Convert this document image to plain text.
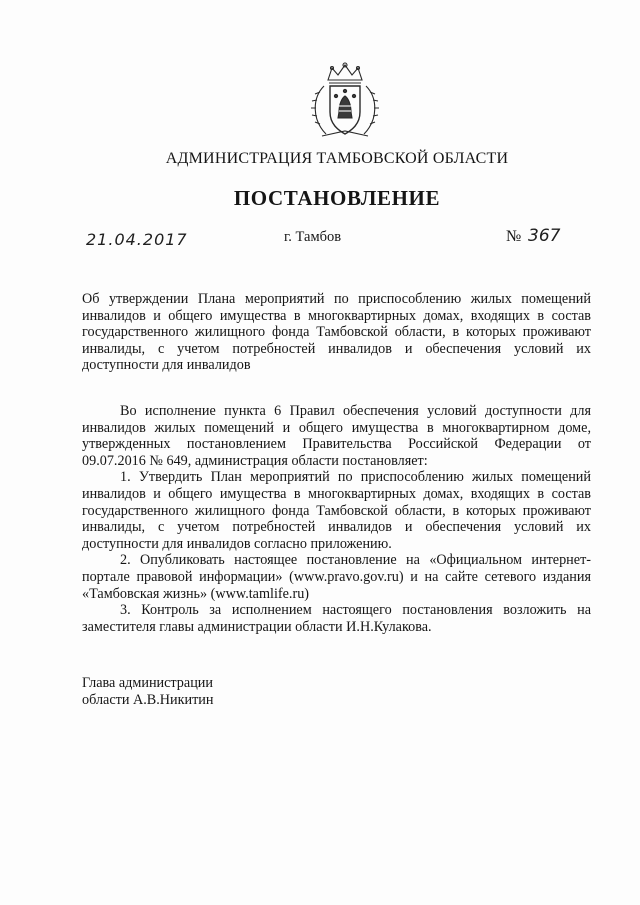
АДМИНИСТРАЦИЯ ТАМБОВСКОЙ ОБЛАСТИ
ПОСТАНОВЛЕНИЕ
21.04.2017	г. Тамбов	№ 367

Об утверждении Плана мероприятий по приспособлению жилых помещений инвалидов и общего имущества в многоквартирных домах, входящих в состав государственного жилищного фонда Тамбовской области, в которых проживают инвалиды, с учетом потребностей инвалидов и обеспечения условий их доступности для инвалидов

Во исполнение пункта 6 Правил обеспечения условий доступности для инвалидов жилых помещений и общего имущества в многоквартирном доме, утвержденных постановлением Правительства Российской Федерации от 09.07.2016 № 649, администрация области постановляет:

1. Утвердить План мероприятий по приспособлению жилых помещений инвалидов и общего имущества в многоквартирных домах, входящих в состав государственного жилищного фонда Тамбовской области, в которых проживают инвалиды, с учетом потребностей инвалидов и обеспечения условий их доступности для инвалидов согласно приложению.

2. Опубликовать настоящее постановление на «Официальном интернет-портале правовой информации» (www.pravo.gov.ru) и на сайте сетевого издания «Тамбовская жизнь» (www.tamlife.ru)

3. Контроль за исполнением настоящего постановления возложить на заместителя главы администрации области И.Н.Кулакова.

Глава администрации
области А.В.Никитин
